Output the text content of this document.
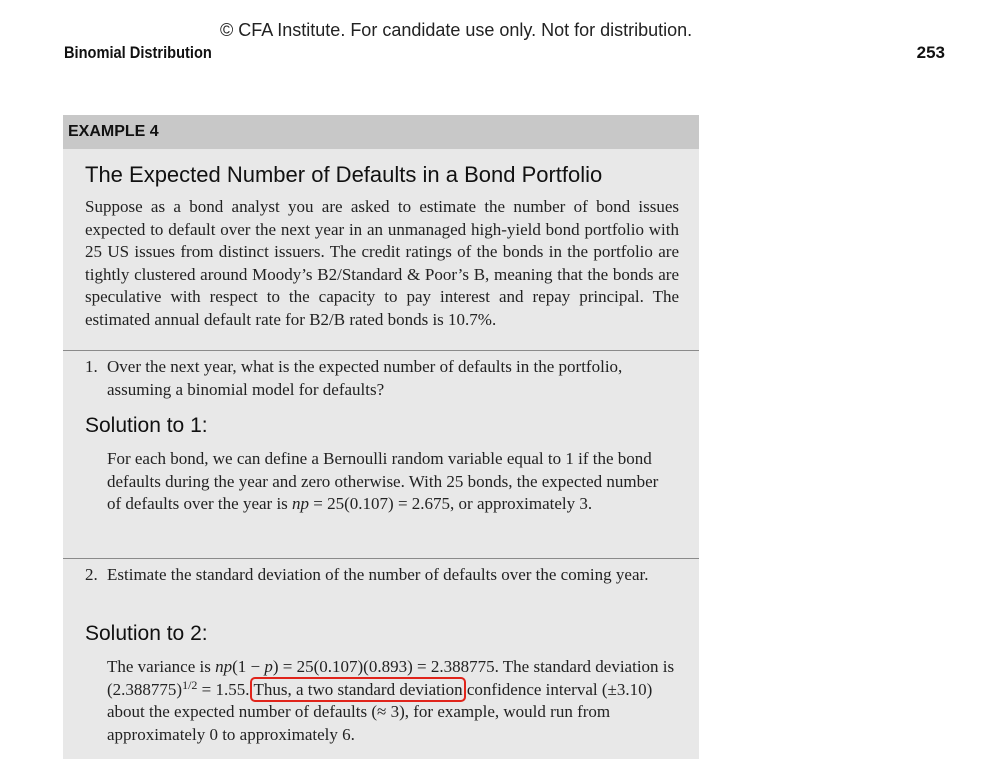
© CFA Institute. For candidate use only. Not for distribution.
Binomial Distribution	253
EXAMPLE 4
The Expected Number of Defaults in a Bond Portfolio
Suppose as a bond analyst you are asked to estimate the number of bond issues expected to default over the next year in an unmanaged high-yield bond portfolio with 25 US issues from distinct issuers. The credit ratings of the bonds in the portfolio are tightly clustered around Moody’s B2/Standard & Poor’s B, meaning that the bonds are speculative with respect to the capacity to pay interest and repay principal. The estimated annual default rate for B2/B rated bonds is 10.7%.
1. Over the next year, what is the expected number of defaults in the portfolio, assuming a binomial model for defaults?
Solution to 1:
For each bond, we can define a Bernoulli random variable equal to 1 if the bond defaults during the year and zero otherwise. With 25 bonds, the expected number of defaults over the year is np = 25(0.107) = 2.675, or approximately 3.
2. Estimate the standard deviation of the number of defaults over the coming year.
Solution to 2:
The variance is np(1 − p) = 25(0.107)(0.893) = 2.388775. The standard deviation is $(2.388775)^{1/2} = 1.55$. Thus, a two standard deviation confidence interval (±3.10) about the expected number of defaults (≈ 3), for example, would run from approximately 0 to approximately 6.
